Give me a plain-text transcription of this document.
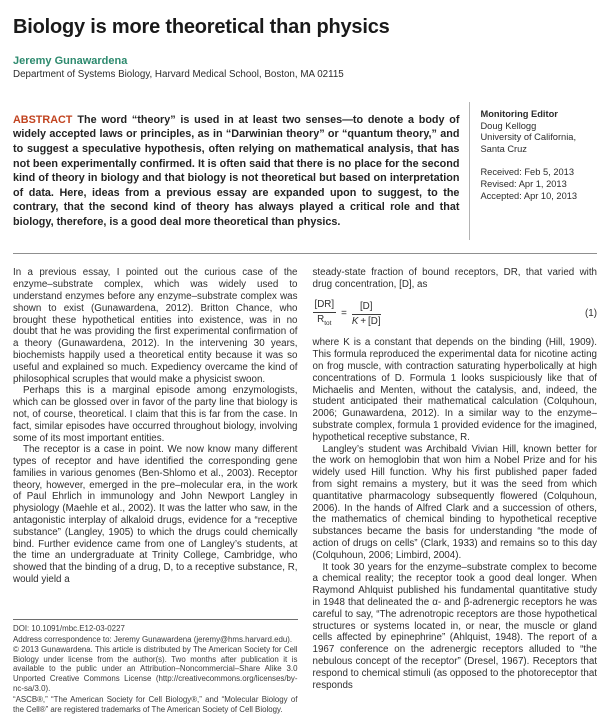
Biology is more theoretical than physics

Jeremy Gunawardena

Department of Systems Biology, Harvard Medical School, Boston, MA 02115

ABSTRACT The word “theory” is used in at least two senses—to denote a body of widely accepted laws or principles, as in “Darwinian theory” or “quantum theory,” and to suggest a speculative hypothesis, often relying on mathematical analysis, that has not been experimentally confirmed. It is often said that there is no place for the second kind of theory in biology and that biology is not theoretical but based on interpretation of data. Here, ideas from a previous essay are expanded upon to suggest, to the contrary, that the second kind of theory has always played a critical role and that biology, therefore, is a good deal more theoretical than physics.

Monitoring Editor
Doug Kellogg
University of California,
Santa Cruz
Received: Feb 5, 2013
Revised: Apr 1, 2013
Accepted: Apr 10, 2013

In a previous essay, I pointed out the curious case of the enzyme–substrate complex, which was widely used to understand enzymes before any enzyme–substrate complex was shown to exist (Gunawardena, 2012). Britton Chance, who brought these hypothetical entities into existence, was in no doubt that he was providing the first experimental confirmation of a theory (Gunawardena, 2012). In the intervening 30 years, biochemists happily used a theoretical entity because it was so useful and explained so much. Expediency overcame the kind of philosophical scruples that would make a physicist swoon.

Perhaps this is a marginal episode among enzymologists, which can be glossed over in favor of the party line that biology is not, of course, theoretical. I claim that this is far from the case. In fact, similar episodes have occurred throughout biology, involving some of its most important entities.

The receptor is a case in point. We now know many different types of receptor and have identified the corresponding gene families in various genomes (Ben-Shlomo et al., 2003). Receptor theory, however, emerged in the pre–molecular era, in the work of Paul Ehrlich in immunology and John Newport Langley in physiology (Maehle et al., 2002). It was the latter who saw, in the antagonistic interplay of alkaloid drugs, evidence for a “receptive substance” (Langley, 1905) to which the drugs could chemically bind. Further evidence came from one of Langley’s students, at the time an undergraduate at Trinity College, Cambridge, who showed that the binding of a drug, D, to a receptive substance, R, would yield a

DOI: 10.1091/mbc.E12-03-0227

Address correspondence to: Jeremy Gunawardena (jeremy@hms.harvard.edu).

© 2013 Gunawardena. This article is distributed by The American Society for Cell Biology under license from the author(s). Two months after publication it is available to the public under an Attribution–Noncommercial–Share Alike 3.0 Unported Creative Commons License (http://creativecommons.org/licenses/by-nc-sa/3.0).

“ASCB®,” “The American Society for Cell Biology®,” and “Molecular Biology of the Cell®” are registered trademarks of The American Society of Cell Biology.

steady-state fraction of bound receptors, DR, that varied with drug concentration, [D], as

$\frac{[DR]}{R_{tot}} = \frac{[D]}{K + [D]}$	(1)

where K is a constant that depends on the binding (Hill, 1909). This formula reproduced the experimental data for nicotine acting on frog muscle, with contraction saturating hyperbolically at high concentrations of D. Formula 1 looks suspiciously like that of Michaelis and Menten, without the catalysis, and, indeed, the student anticipated their mathematical calculation (Colquhoun, 2006; Gunawardena, 2012). In a similar way to the enzyme–substrate complex, formula 1 provided evidence for the imagined, hypothetical receptive substance, R.

Langley’s student was Archibald Vivian Hill, known better for the work on hemoglobin that won him a Nobel Prize and for his widely used Hill function. Why his first published paper faded from sight remains a mystery, but it was the seed from which quantitative pharmacology subsequently flowered (Colquhoun, 2006). In the hands of Alfred Clark and a succession of others, the mathematics of chemical binding to hypothetical receptive substances became the basis for understanding “the mode of action of drugs on cells” (Clark, 1933) and remains so to this day (Colquhoun, 2006; Limbird, 2004).

It took 30 years for the enzyme–substrate complex to become a chemical reality; the receptor took a good deal longer. When Raymond Ahlquist published his fundamental quantitative study in 1948 that delineated the α- and β-adrenergic receptors he was careful to say, “The adrenotropic receptors are those hypothetical structures or systems located in, or near, the muscle or gland cells affected by epinephrine” (Ahlquist, 1948). The report of a 1967 conference on the adrenergic receptors alluded to “the nebulous concept of the receptor” (Dresel, 1967). Receptors that respond to chemical stimuli (as opposed to the photoreceptor that responds
